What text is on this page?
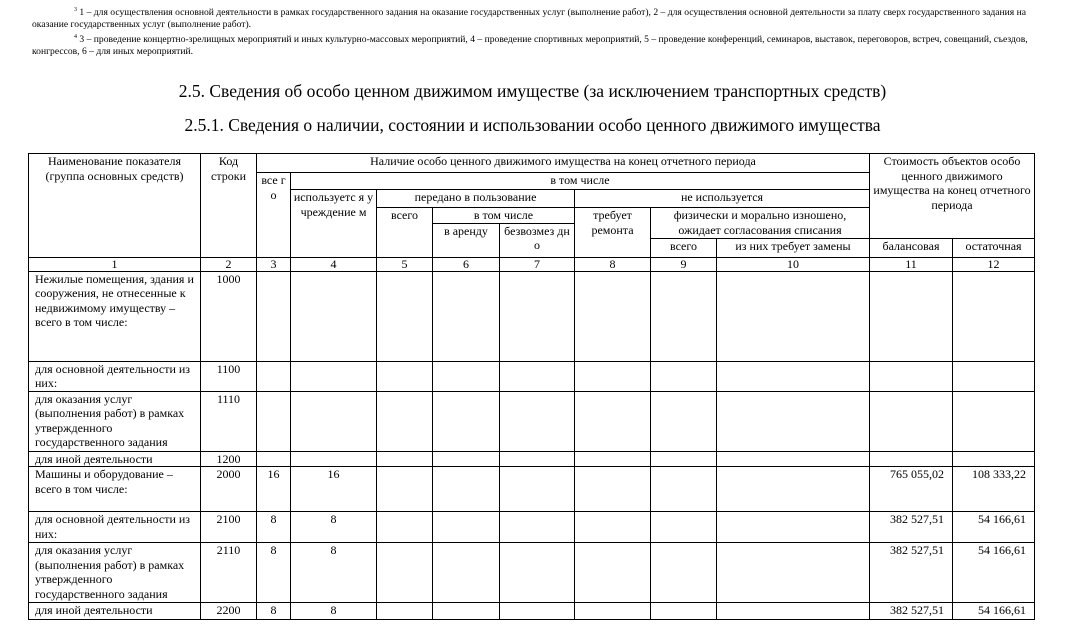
$^3$ 1 – для осуществления основной деятельности в рамках государственного задания на оказание государственных услуг (выполнение работ), 2 – для осуществления основной деятельности за плату сверх государственного задания на оказание государственных услуг (выполнение работ).

$^4$ 3 – проведение концертно-зрелищных мероприятий и иных культурно-массовых мероприятий, 4 – проведение спортивных мероприятий, 5 – проведение конференций, семинаров, выставок, переговоров, встреч, совещаний, съездов, конгрессов, 6 – для иных мероприятий.

2.5. Сведения об особо ценном движимом имуществе (за исключением транспортных средств)
2.5.1. Сведения о наличии, состоянии и использовании особо ценного движимого имущества
Наименование показателя (группа основных средств)	Код строки	Наличие особо ценного движимого имущества на конец отчетного периода								Стоимость объектов особо ценного движимого имущества на конец отчетного периода	
		все го	в том числе								
			используетс я учреждение м	передано в пользование			не используется				
				всего	в том числе		требует ремонта	физически и морально изношено, ожидает согласования списания			
					в аренду	безвозмез дно					
								всего	из них требует замены	балансовая	остаточная
1	2	3	4	5	6	7	8	9	10	11	12
Нежилые помещения, здания и сооружения, не отнесенные к недвижимому имуществу – всего в том числе:	1000										
для основной деятельности из них:	1100										
для оказания услуг (выполнения работ) в рамках утвержденного государственного задания	1110										
для иной деятельности	1200										
Машины и оборудование – всего в том числе:	2000	16	16							765 055,02	108 333,22
для основной деятельности из них:	2100	8	8							382 527,51	54 166,61
для оказания услуг (выполнения работ) в рамках утвержденного государственного задания	2110	8	8							382 527,51	54 166,61
для иной деятельности	2200	8	8							382 527,51	54 166,61
